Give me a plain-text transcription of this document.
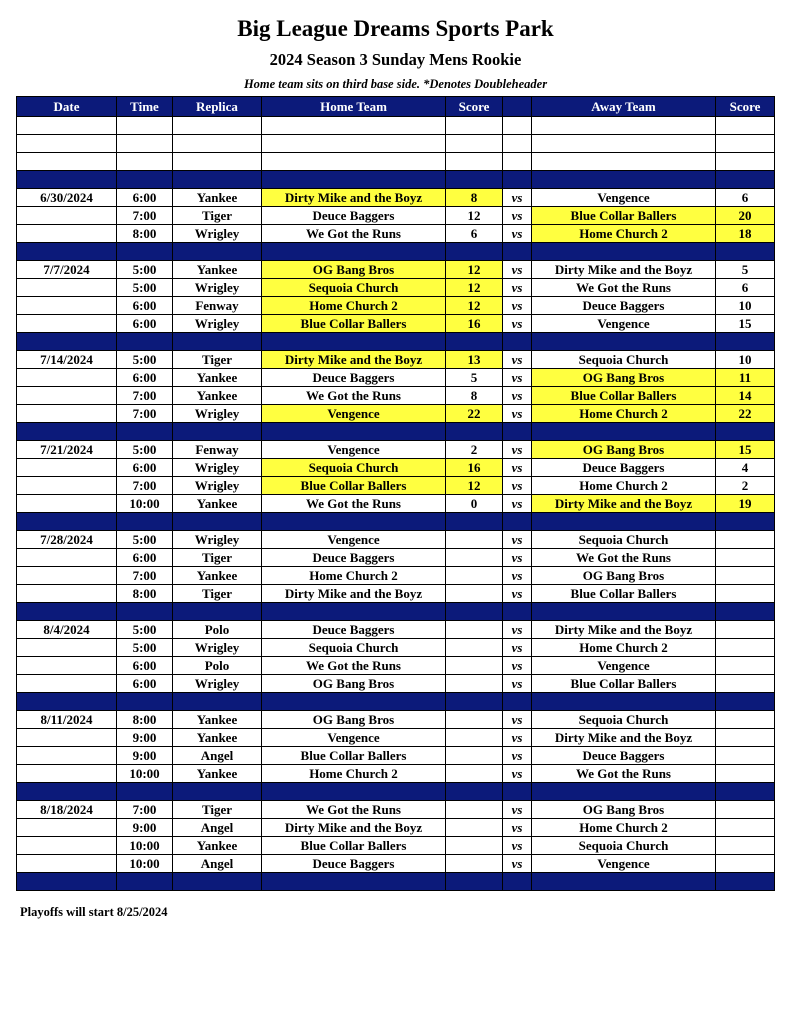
Big League Dreams Sports Park
2024 Season 3 Sunday Mens Rookie
Home team sits on third base side. *Denotes Doubleheader
Date	Time	Replica	Home Team	Score		Away Team	Score

6/30/2024	6:00	Yankee	Dirty Mike and the Boyz	8	vs	Vengence	6
	7:00	Tiger	Deuce Baggers	12	vs	Blue Collar Ballers	20
	8:00	Wrigley	We Got the Runs	6	vs	Home Church 2	18

7/7/2024	5:00	Yankee	OG Bang Bros	12	vs	Dirty Mike and the Boyz	5
	5:00	Wrigley	Sequoia Church	12	vs	We Got the Runs	6
	6:00	Fenway	Home Church 2	12	vs	Deuce Baggers	10
	6:00	Wrigley	Blue Collar Ballers	16	vs	Vengence	15

7/14/2024	5:00	Tiger	Dirty Mike and the Boyz	13	vs	Sequoia Church	10
	6:00	Yankee	Deuce Baggers	5	vs	OG Bang Bros	11
	7:00	Yankee	We Got the Runs	8	vs	Blue Collar Ballers	14
	7:00	Wrigley	Vengence	22	vs	Home Church 2	22

7/21/2024	5:00	Fenway	Vengence	2	vs	OG Bang Bros	15
	6:00	Wrigley	Sequoia Church	16	vs	Deuce Baggers	4
	7:00	Wrigley	Blue Collar Ballers	12	vs	Home Church 2	2
	10:00	Yankee	We Got the Runs	0	vs	Dirty Mike and the Boyz	19

7/28/2024	5:00	Wrigley	Vengence		vs	Sequoia Church	
	6:00	Tiger	Deuce Baggers		vs	We Got the Runs	
	7:00	Yankee	Home Church 2		vs	OG Bang Bros	
	8:00	Tiger	Dirty Mike and the Boyz		vs	Blue Collar Ballers	

8/4/2024	5:00	Polo	Deuce Baggers		vs	Dirty Mike and the Boyz	
	5:00	Wrigley	Sequoia Church		vs	Home Church 2	
	6:00	Polo	We Got the Runs		vs	Vengence	
	6:00	Wrigley	OG Bang Bros		vs	Blue Collar Ballers	

8/11/2024	8:00	Yankee	OG Bang Bros		vs	Sequoia Church	
	9:00	Yankee	Vengence		vs	Dirty Mike and the Boyz	
	9:00	Angel	Blue Collar Ballers		vs	Deuce Baggers	
	10:00	Yankee	Home Church 2		vs	We Got the Runs	

8/18/2024	7:00	Tiger	We Got the Runs		vs	OG Bang Bros	
	9:00	Angel	Dirty Mike and the Boyz		vs	Home Church 2	
	10:00	Yankee	Blue Collar Ballers		vs	Sequoia Church	
	10:00	Angel	Deuce Baggers		vs	Vengence	

Playoffs will start 8/25/2024
